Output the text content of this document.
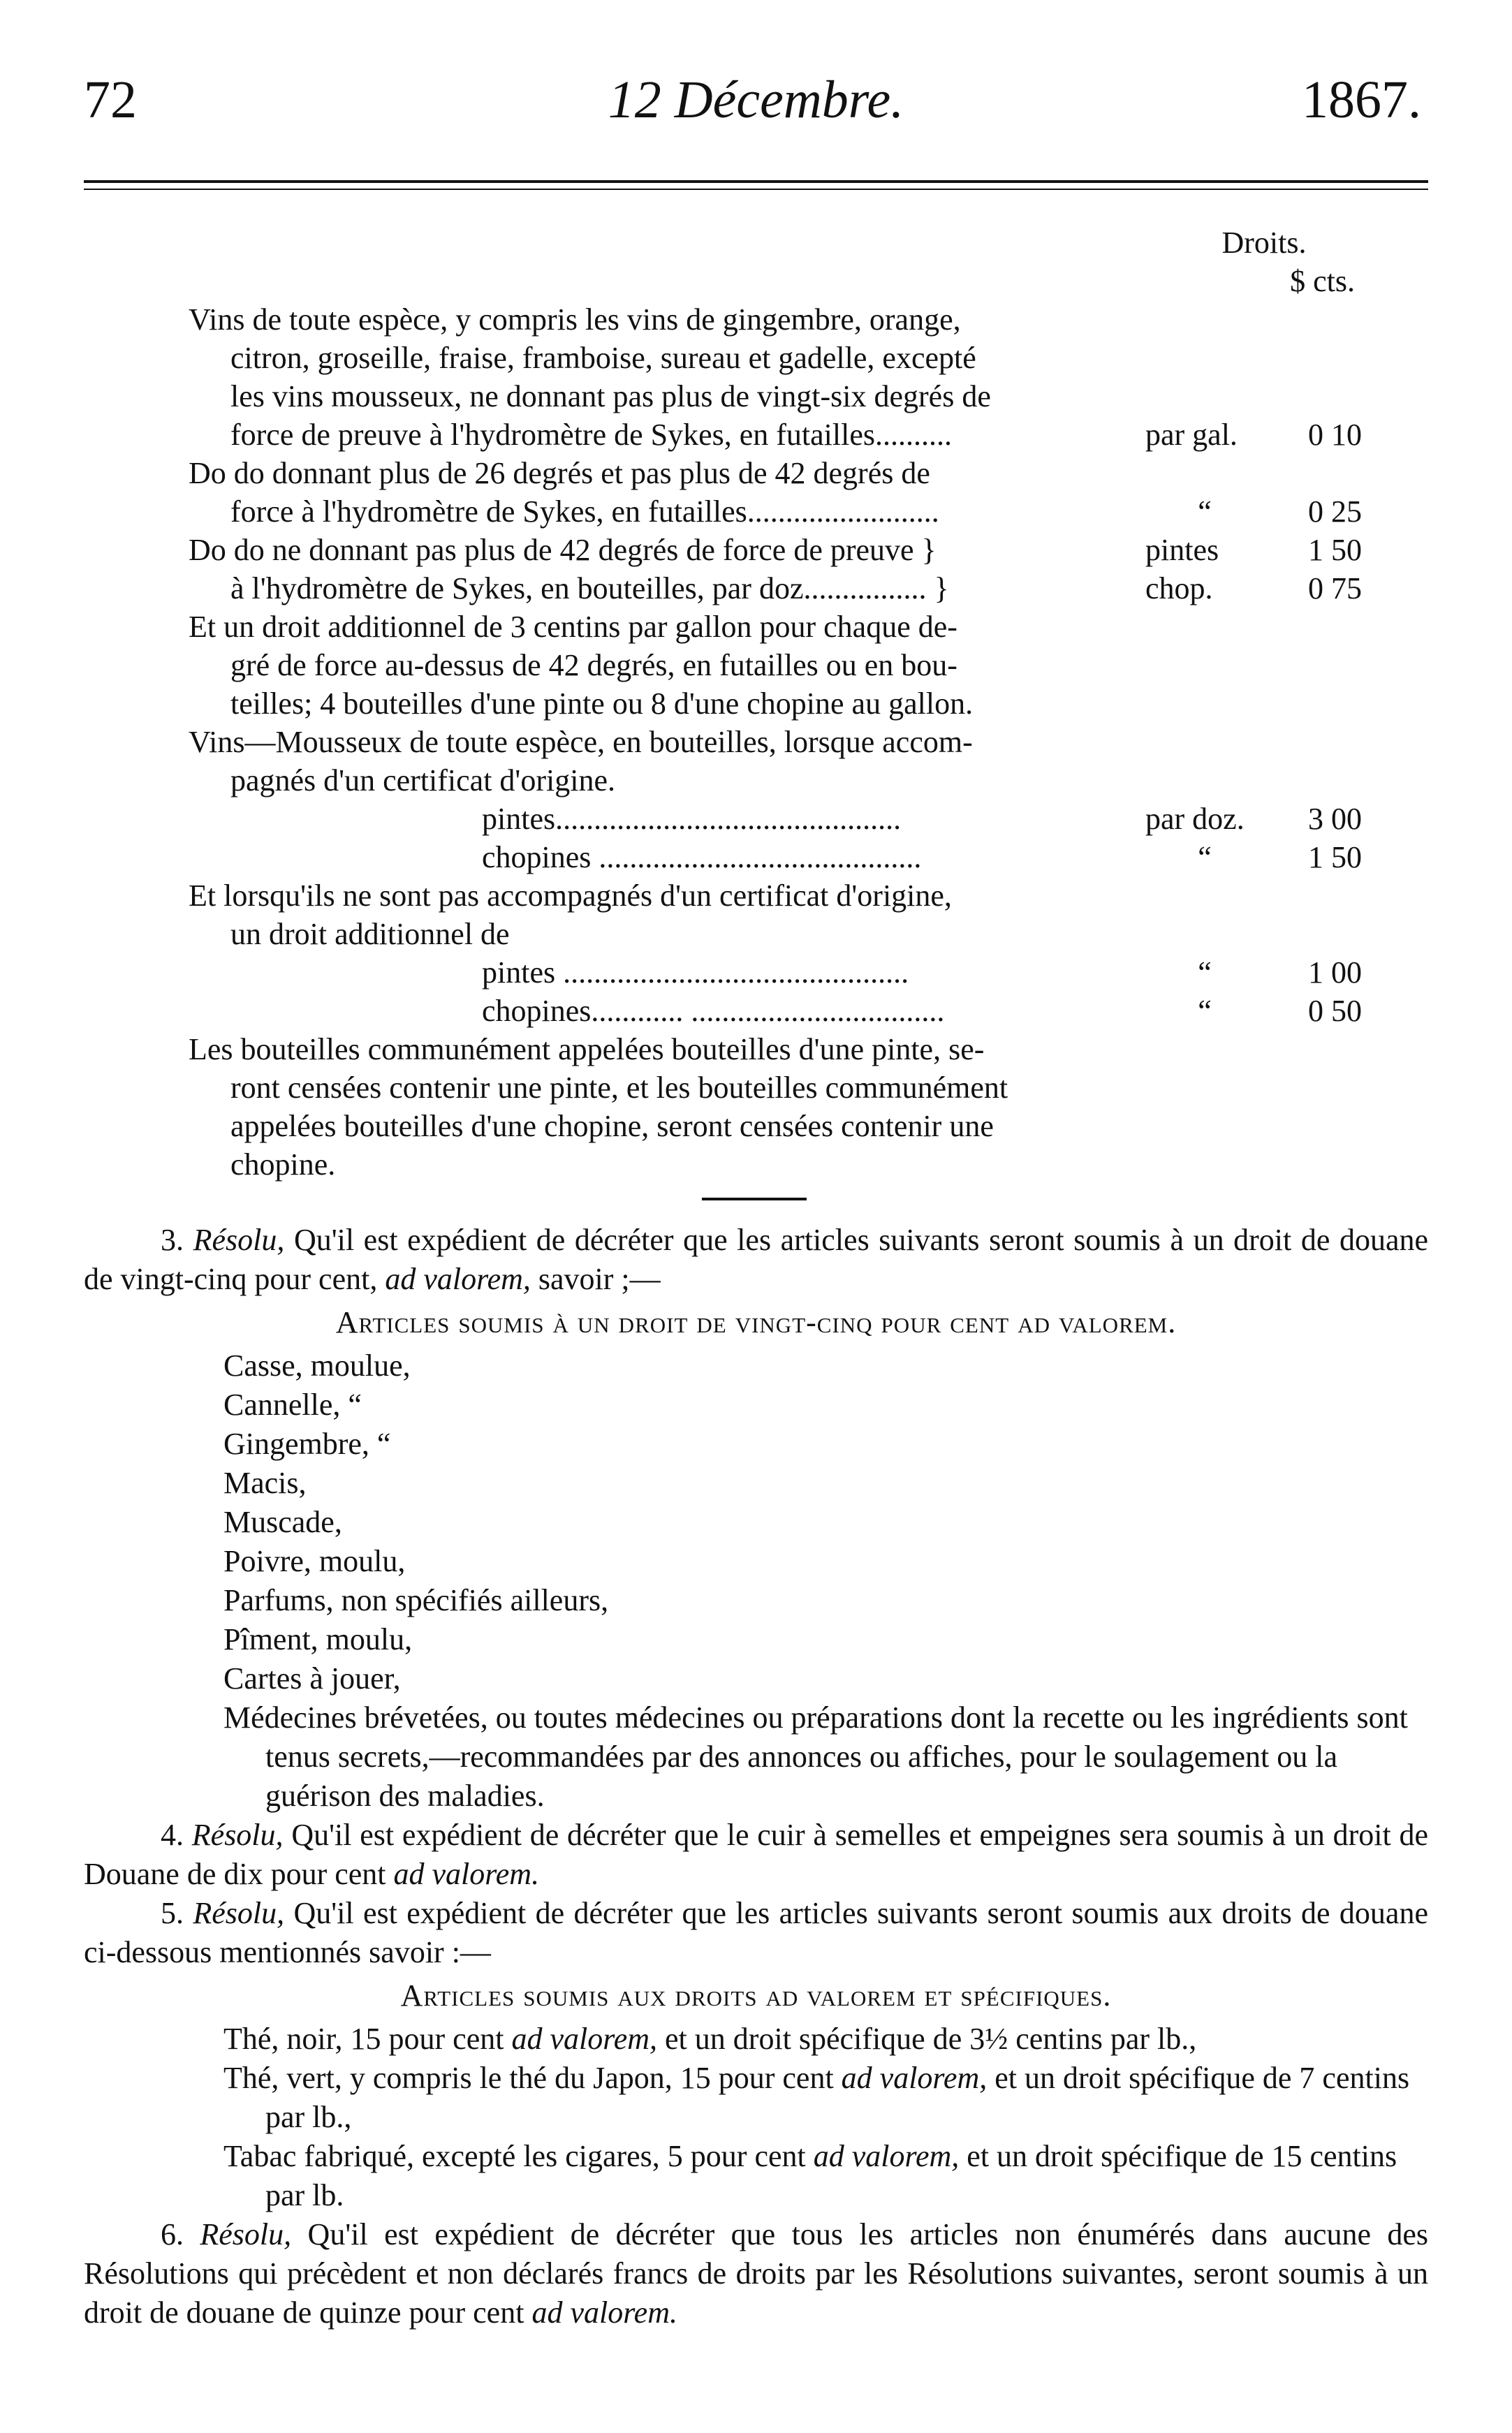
72	12 Décembre.	1867.
Droits.
$ cts.
Vins de toute espèce, y compris les vins de gingembre, orange,
citron, groseille, fraise, framboise, sureau et gadelle, excepté
les vins mousseux, ne donnant pas plus de vingt-six degrés de
force de preuve à l'hydromètre de Sykes, en futailles..........	par gal.	0 10
Do do donnant plus de 26 degrés et pas plus de 42 degrés de
force à l'hydromètre de Sykes, en futailles.........................	“	0 25
Do do ne donnant pas plus de 42 degrés de force de preuve }	pintes	1 50
à l'hydromètre de Sykes, en bouteilles, par doz................ }	chop.	0 75
Et un droit additionnel de 3 centins par gallon pour chaque de-
gré de force au-dessus de 42 degrés, en futailles ou en bou-
teilles; 4 bouteilles d'une pinte ou 8 d'une chopine au gallon.
Vins—Mousseux de toute espèce, en bouteilles, lorsque accom-
pagnés d'un certificat d'origine.
pintes.............................................	par doz.	3 00
chopines ..........................................	“	1 50
Et lorsqu'ils ne sont pas accompagnés d'un certificat d'origine,
un droit additionnel de
pintes .............................................	“	1 00
chopines............ .................................	“	0 50
Les bouteilles communément appelées bouteilles d'une pinte, se-
ront censées contenir une pinte, et les bouteilles communément
appelées bouteilles d'une chopine, seront censées contenir une
chopine.
3. Résolu, Qu'il est expédient de décréter que les articles suivants seront soumis à un droit de douane de vingt-cinq pour cent, ad valorem, savoir ;—
Articles soumis à un droit de vingt-cinq pour cent ad valorem.
Casse, moulue,
Cannelle, “
Gingembre, “
Macis,
Muscade,
Poivre, moulu,
Parfums, non spécifiés ailleurs,
Pîment, moulu,
Cartes à jouer,
Médecines brévetées, ou toutes médecines ou préparations dont la recette ou les ingrédients sont tenus secrets,—recommandées par des annonces ou affiches, pour le soulagement ou la guérison des maladies.
4. Résolu, Qu'il est expédient de décréter que le cuir à semelles et empeignes sera soumis à un droit de Douane de dix pour cent ad valorem.
5. Résolu, Qu'il est expédient de décréter que les articles suivants seront soumis aux droits de douane ci-dessous mentionnés savoir :—
Articles soumis aux droits ad valorem et spécifiques.
Thé, noir, 15 pour cent ad valorem, et un droit spécifique de 3½ centins par lb.,
Thé, vert, y compris le thé du Japon, 15 pour cent ad valorem, et un droit spécifique de 7 centins par lb.,
Tabac fabriqué, excepté les cigares, 5 pour cent ad valorem, et un droit spécifique de 15 centins par lb.
6. Résolu, Qu'il est expédient de décréter que tous les articles non énumérés dans aucune des Résolutions qui précèdent et non déclarés francs de droits par les Résolutions suivantes, seront soumis à un droit de douane de quinze pour cent ad valorem.
